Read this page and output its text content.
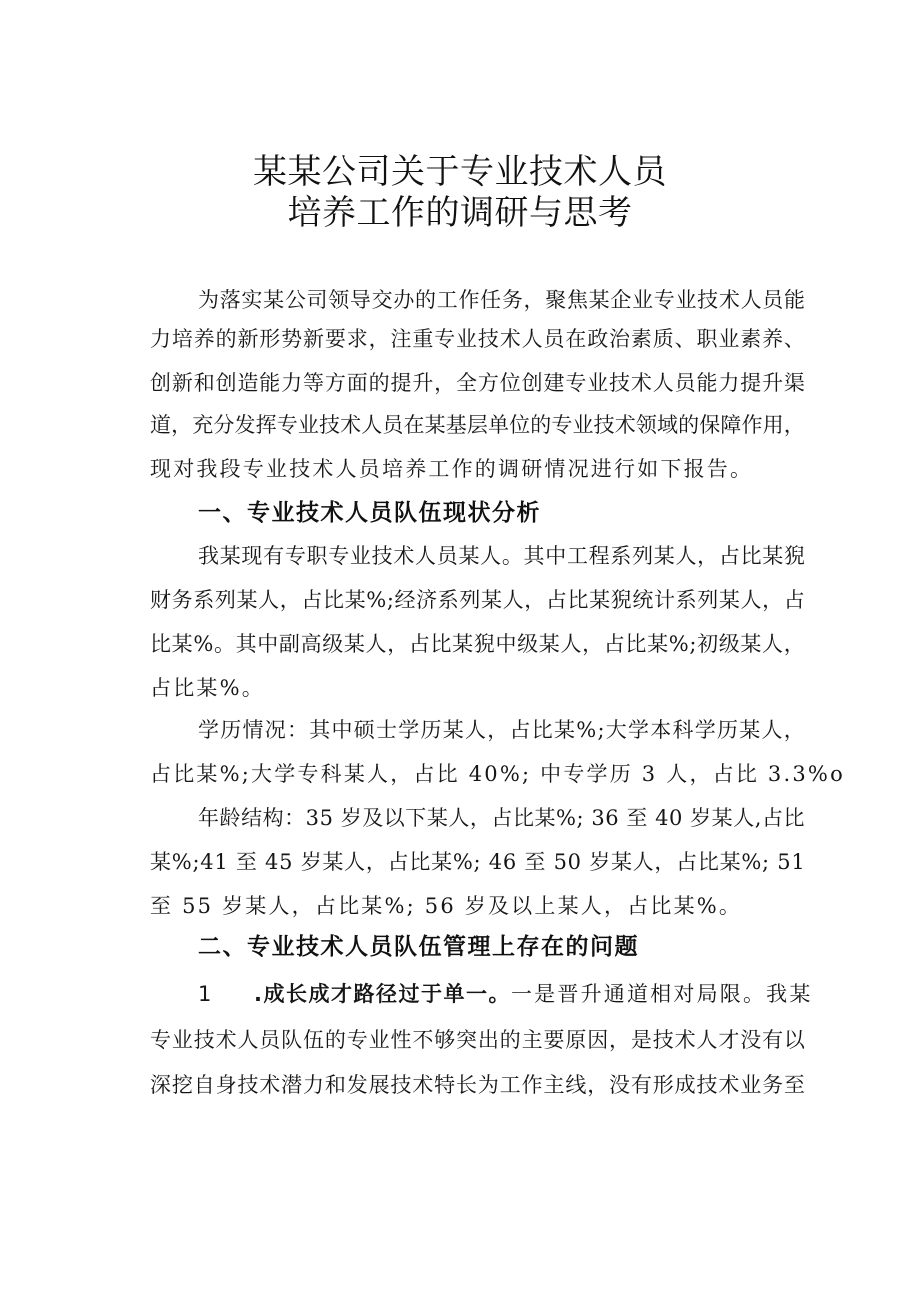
某某公司关于专业技术人员
培养工作的调研与思考
为 落 实 某 公 司 领 导 交 办 的 工 作 任 务 ， 聚 焦 某 企 业 专 业 技 术 人 员 能
力 培 养 的 新 形 势 新 要 求 ， 注 重 专 业 技 术 人 员 在 政 治 素 质 、 职 业 素 养 、
创 新 和 创 造 能 力 等 方 面 的 提 升 ， 全 方 位 创 建 专 业 技 术 人 员 能 力 提 升 渠
道 ， 充 分 发 挥 专 业 技 术 人 员 在 某 基 层 单 位 的 专 业 技 术 领 域 的 保 障 作 用 ，
现对我段专业技术人员培养工作的调研情况进行如下报告。
一、专业技术人员队伍现状分析
我 某 现 有 专 职 专 业 技 术 人 员 某 人 。 其 中 工 程 系 列 某 人 ， 占 比 某 猊
财 务 系 列 某 人 ， 占 比 某 % ; 经 济 系 列 某 人 ， 占 比 某 猊 统 计 系 列 某 人 ， 占
比 某 % 。 其 中 副 高 级 某 人 ， 占 比 某 猊 中 级 某 人 ， 占 比 某 % ; 初 级 某 人 ，
占比某%。
学 历 情 况 ： 其 中 硕 士 学 历 某 人 ， 占 比 某 % ; 大 学 本 科 学 历 某 人 ，
占比某%;大学专科某人，占比 40%; 中专学历 3 人，占比 3.3%o
年 龄 结 构 ： 3 5
岁 及 以 下 某 人 ， 占 比 某 % ;
3 6
至
4 0
岁 某 人 , 占 比
某 % ; 4 1
至
4 5
岁 某 人 ， 占 比 某 % ;
4 6
至
5 0
岁 某 人 ， 占 比 某 % ;
5 1
至 55 岁某人，占比某%; 56 岁及以上某人，占比某%。
二、专业技术人员队伍管理上存在的问题
1 .成长成才路径过于单一。一是晋升通道相对局限。我某
专 业 技 术 人 员 队 伍 的 专 业 性 不 够 突 出 的 主 要 原 因 ， 是 技 术 人 才 没 有 以
深 挖 自 身 技 术 潜 力 和 发 展 技 术 特 长 为 工 作 主 线 ， 没 有 形 成 技 术 业 务 至
